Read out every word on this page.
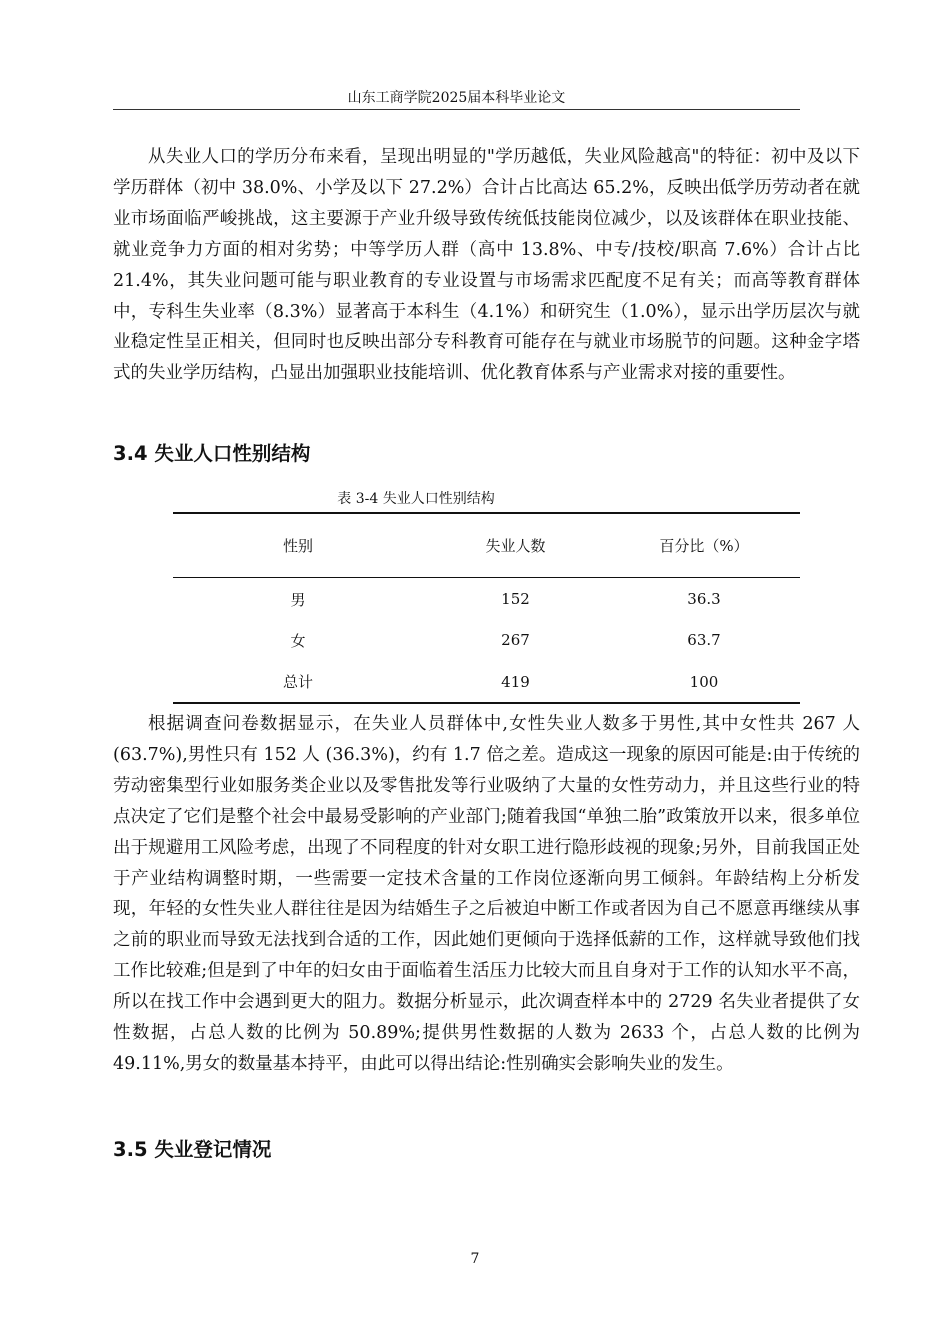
山东工商学院2025届本科毕业论文

从失业人口的学历分布来看，呈现出明显的"学历越低，失业风险越高"的特征：初中及以下学历群体（初中 38.0%、小学及以下 27.2%）合计占比高达 65.2%，反映出低学历劳动者在就业市场面临严峻挑战，这主要源于产业升级导致传统低技能岗位减少，以及该群体在职业技能、就业竞争力方面的相对劣势；中等学历人群（高中 13.8%、中专/技校/职高 7.6%）合计占比 21.4%，其失业问题可能与职业教育的专业设置与市场需求匹配度不足有关；而高等教育群体中，专科生失业率（8.3%）显著高于本科生（4.1%）和研究生（1.0%），显示出学历层次与就业稳定性呈正相关，但同时也反映出部分专科教育可能存在与就业市场脱节的问题。这种金字塔式的失业学历结构，凸显出加强职业技能培训、优化教育体系与产业需求对接的重要性。

3.4 失业人口性别结构
表 3-4 失业人口性别结构
性别	失业人数	百分比（%）
男	152	36.3
女	267	63.7
总计	419	100

根据调查问卷数据显示，在失业人员群体中,女性失业人数多于男性,其中女性共 267 人(63.7%),男性只有 152 人 (36.3%)，约有 1.7 倍之差。造成这一现象的原因可能是:由于传统的劳动密集型行业如服务类企业以及零售批发等行业吸纳了大量的女性劳动力，并且这些行业的特点决定了它们是整个社会中最易受影响的产业部门;随着我国“单独二胎”政策放开以来，很多单位出于规避用工风险考虑，出现了不同程度的针对女职工进行隐形歧视的现象;另外，目前我国正处于产业结构调整时期，一些需要一定技术含量的工作岗位逐渐向男工倾斜。年龄结构上分析发现，年轻的女性失业人群往往是因为结婚生子之后被迫中断工作或者因为自己不愿意再继续从事之前的职业而导致无法找到合适的工作，因此她们更倾向于选择低薪的工作，这样就导致他们找工作比较难;但是到了中年的妇女由于面临着生活压力比较大而且自身对于工作的认知水平不高，所以在找工作中会遇到更大的阻力。数据分析显示，此次调查样本中的 2729 名失业者提供了女性数据，占总人数的比例为 50.89%;提供男性数据的人数为 2633 个，占总人数的比例为 49.11%,男女的数量基本持平，由此可以得出结论:性别确实会影响失业的发生。

3.5 失业登记情况
7
